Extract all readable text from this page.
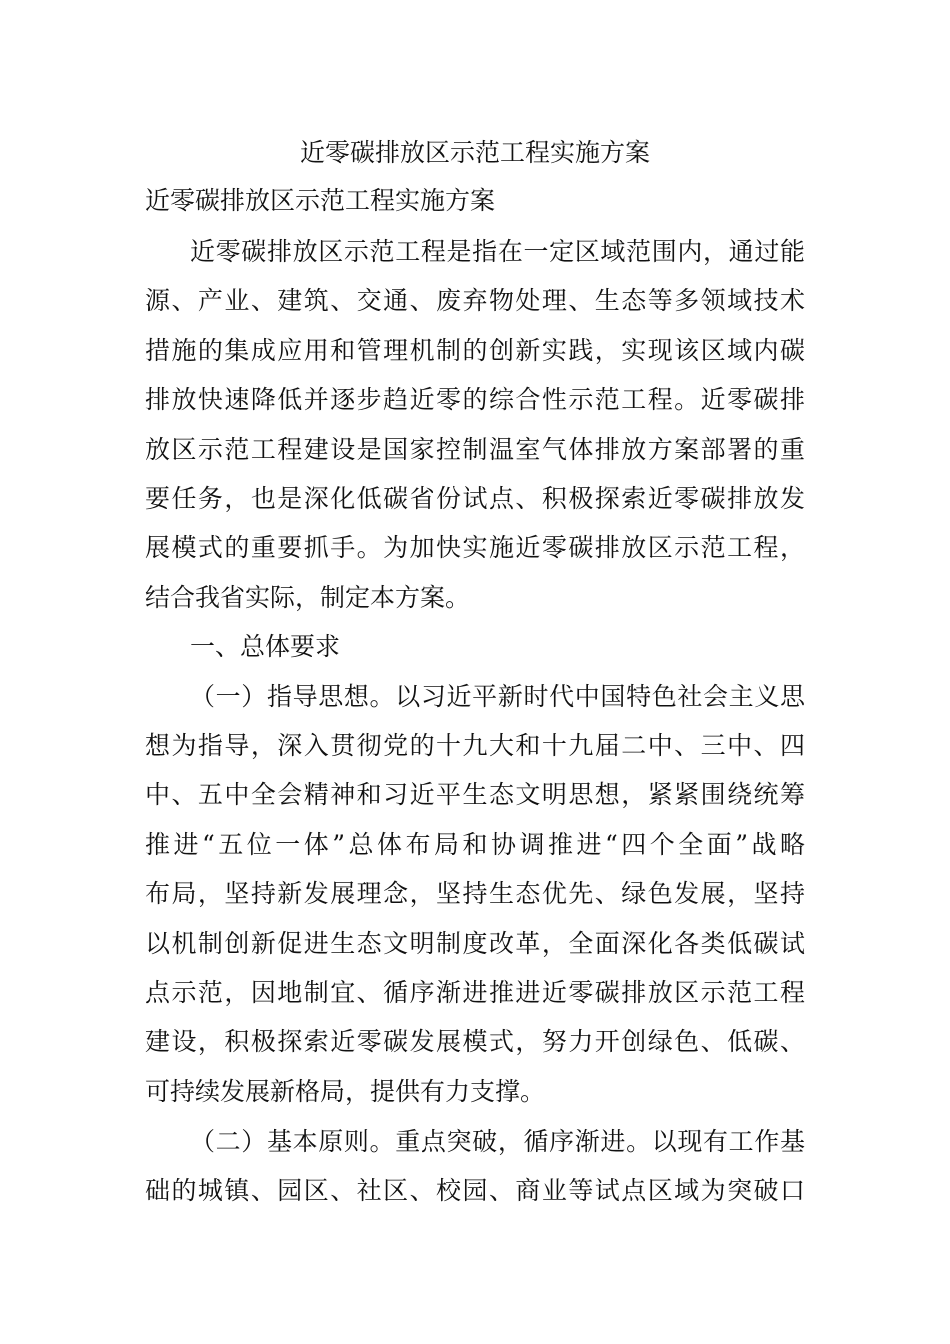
近零碳排放区示范工程实施方案
近零碳排放区示范工程实施方案
近零碳排放区示范工程是指在一定区域范围内，通过能
源、产业、建筑、交通、废弃物处理、生态等多领域技术
措施的集成应用和管理机制的创新实践，实现该区域内碳
排放快速降低并逐步趋近零的综合性示范工程。近零碳排
放区示范工程建设是国家控制温室气体排放方案部署的重
要任务，也是深化低碳省份试点、积极探索近零碳排放发
展模式的重要抓手。为加快实施近零碳排放区示范工程，
结合我省实际，制定本方案。
一、总体要求
（一）指导思想。以习近平新时代中国特色社会主义思
想为指导，深入贯彻党的十九大和十九届二中、三中、四
中、五中全会精神和习近平生态文明思想，紧紧围绕统筹
推进“五位一体”总体布局和协调推进“四个全面”战略
布局，坚持新发展理念，坚持生态优先、绿色发展，坚持
以机制创新促进生态文明制度改革，全面深化各类低碳试
点示范，因地制宜、循序渐进推进近零碳排放区示范工程
建设，积极探索近零碳发展模式，努力开创绿色、低碳、
可持续发展新格局，提供有力支撑。
（二）基本原则。重点突破，循序渐进。以现有工作基
础的城镇、园区、社区、校园、商业等试点区域为突破口
